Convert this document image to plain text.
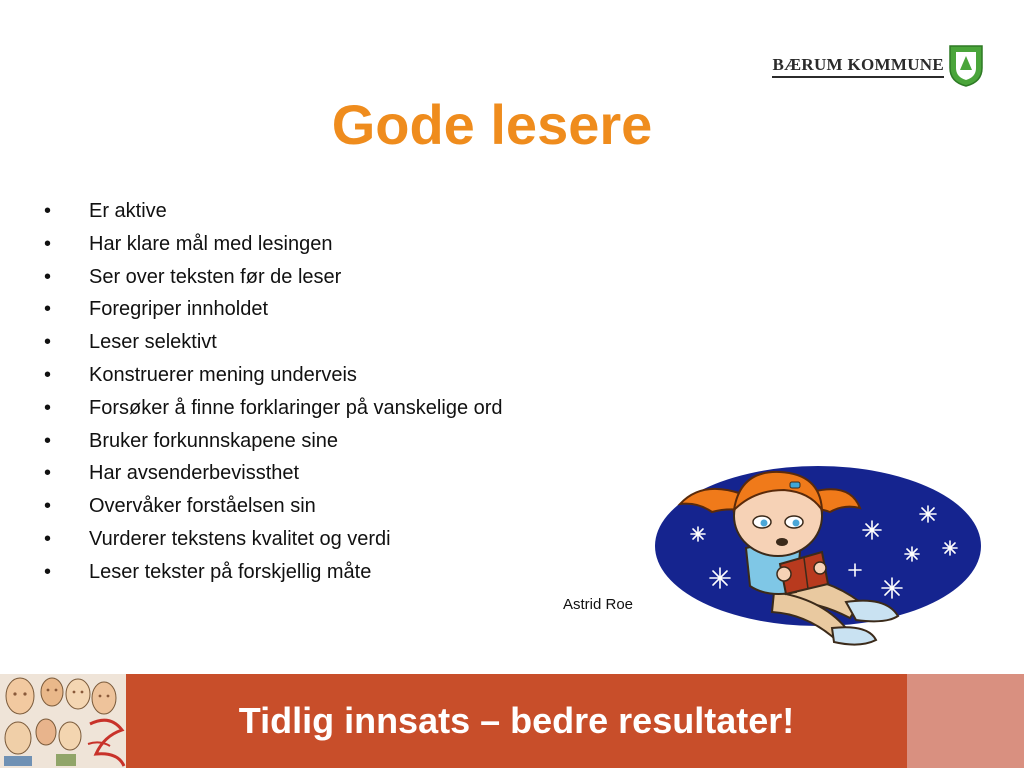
BÆRUM KOMMUNE
Gode lesere
•	Er aktive
•	Har klare mål med lesingen
•	Ser over teksten før de leser
•	Foregriper innholdet
•	Leser selektivt
•	Konstruerer mening underveis
•	Forsøker å finne forklaringer på vanskelige ord
•	Bruker forkunnskapene sine
•	Har avsenderbevissthet
•	Overvåker forståelsen sin
•	Vurderer tekstens kvalitet og verdi
•	Leser tekster på forskjellig måte
Astrid Roe
Tidlig innsats – bedre resultater!
